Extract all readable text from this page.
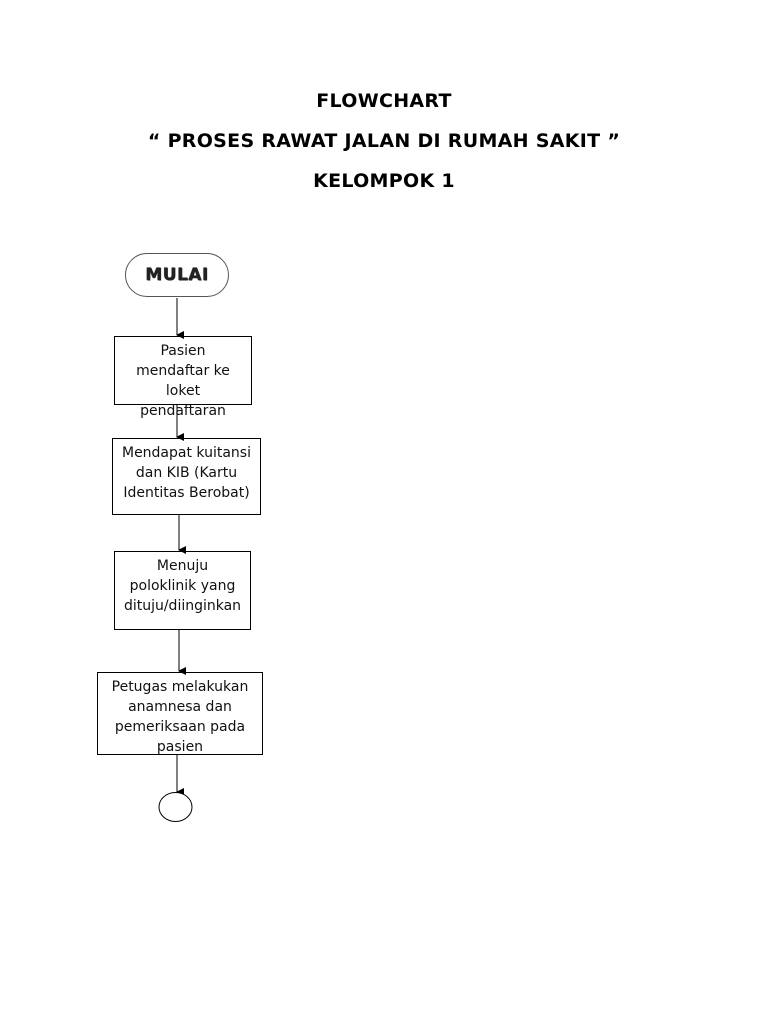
FLOWCHART
“ PROSES RAWAT JALAN DI RUMAH SAKIT ”
KELOMPOK 1
MULAI
Pasien mendaftar ke loket pendaftaran
Mendapat kuitansi dan KIB (Kartu Identitas Berobat)
Menuju poloklinik yang dituju/diinginkan
Petugas melakukan anamnesa dan pemeriksaan pada pasien
